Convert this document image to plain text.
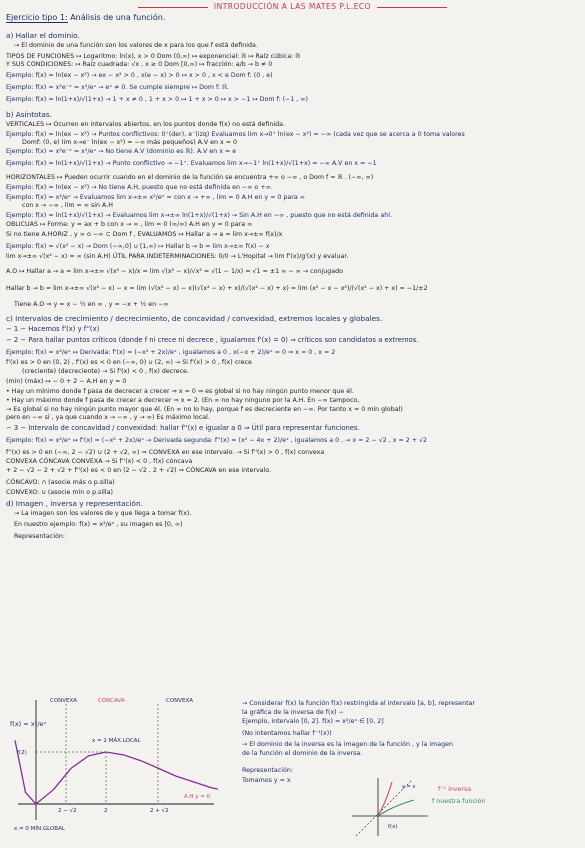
INTRODUCCIÓN A LAS MATES P.L.ECO
Ejercicio tipo 1: Análisis de una función.
a) Hallar el dominio.
→ El dominio de una función son los valores de x para los que f está definida.
TIPOS DE FUNCIONES ↦ Logaritmo: ln(x), x > 0 Dom (0,∞) ↦ exponencial: ℝ ↦ Raíz cúbica: ℝ
Y SUS CONDICIONES: ↦ Raíz cuadrada: √x , x ≥ 0 Dom [0,∞) ↦ fracción: a/b → b ≠ 0
Ejemplo: f(x) = ln(ex − x²) → ex − x² > 0 , x(e − x) > 0 ↦ x > 0 , x < e Dom f: (0 , e)
Ejemplo: f(x) = x²e⁻ˣ = x²/eˣ → eˣ ≠ 0. Se cumple siempre ↦ Dom f: ℝ.
Ejemplo: f(x) = ln(1+x)/√(1+x) → 1 + x ≠ 0 , 1 + x > 0 ↦ 1 + x > 0 ↦ x > −1 ↦ Dom f: (−1 , ∞)
b) Asíntotas.
VERTICALES ↦ Ocurren en intervalos abiertos, en los puntos donde f(x) no está definida.
Ejemplo: f(x) = ln(ex − x²) → Puntos conflictivos: 0⁺(der), e⁻(izq) Evaluamos lim x→0⁺ ln(ex − x²) = −∞ (cada vez que se acerca a 0 toma valores
Domf: (0, e) lim x→e⁻ ln(ex − x²) = −∞ más pequeños) A.V en x = 0
Ejemplo: f(x) = x²e⁻ˣ = x²/eˣ → No tiene A.V (dominio es ℝ). A.V en x = e
Ejemplo: f(x) = ln(1+x)/√(1+x) → Punto conflictivo → −1⁺. Evaluamos lim x→−1⁺ ln(1+x)/√(1+x) = −∞ A.V en x = −1
HORIZONTALES ↦ Pueden ocurrir cuando en el dominio de la función se encuentra +∞ o −∞ , o Dom f = ℝ . (−∞, ∞)
Ejemplo: f(x) = ln(ex − x²) → No tiene A.H, puesto que no está definida en −∞ o +∞.
Ejemplo: f(x) = x²/eˣ → Evaluamos lim x→±∞ x²/eˣ = con x → +∞ , lim = 0 A.H en y = 0 para ∞
con x → −∞ , lim = ∞ sin A.H
Ejemplo: f(x) = ln(1+x)/√(1+x) → Evaluamos lim x→±∞ ln(1+x)/√(1+x) → Sin A.H en −∞ , puesto que no está definida ahí.
OBLICUAS ↦ Forma: y = ax + b con x → ∞ , lim = 0 (∞/∞) A.H en y = 0 para ∞
Si no tiene A.HORIZ , y ∞ o −∞ ⊂ Dom f , EVALUAMOS ↦ Hallar a → a = lim x→±∞ f(x)/x
Ejemplo: f(x) = √(x² − x) → Dom (−∞,0] ∪ [1,∞) ↦ Hallar b → b = lim x→±∞ f(x) − x
lim x→±∞ √(x² − x) = ∞ (sin A.H) ÚTIL PARA INDETERMINACIONES: 0/0 → L'Hopital → lim f'(x)/g'(x) y evaluar.
A.O ↦ Hallar a → a = lim x→±∞ √(x² − x)/x = lim √(x² − x)/√x² = √(1 − 1/x) = √1 = ±1 ∞ − ∞ → conjugado
Hallar b → b = lim x→±∞ √(x² − x) − x = lim (√(x² − x) − x)(√(x² − x) + x)/(√(x² − x) + x) = lim (x² − x − x²)/(√(x² − x) + x) = −1/±2
Tiene A.O ⇒ y = x − ½ en ∞ , y = −x + ½ en −∞
c) Intervalos de crecimiento / decrecimiento, de concavidad / convexidad, extremos locales y globales.
− 1 − Hacemos f'(x) y f''(x)
− 2 − Para hallar puntos críticos (donde f ni crece ni decrece , igualamos f'(x) = 0) ⇒ críticos son candidatos a extremos.
Ejemplo: f(x) = x²/eˣ ↦ Derivada: f'(x) = (−x² + 2x)/eˣ , igualamos a 0 , x(−x + 2)/eˣ = 0 ⇒ x = 0 , x = 2
f'(x) es > 0 en (0, 2) , f'(x) es < 0 en (−∞, 0) ∪ (2, ∞) → Si f'(x) > 0 , f(x) crece
(creciente) (decreciente) → Si f'(x) < 0 , f(x) decrece.
(mín) (máx) ↦ − 0 + 2 − A.H en y = 0
• Hay un mínimo donde f pasa de decrecer a crecer ⇒ x = 0 ⇒ es global si no hay ningún punto menor que él.
• Hay un máximo donde f pasa de crecer a decrecer ⇒ x = 2. (En ∞ no hay ninguno por la A.H. En −∞ tampoco,
→ Es global si no hay ningún punto mayor que él. (En ∞ no lo hay, porque f es decreciente en −∞. Por tanto x = 0 mín global)
pero en −∞ sí , ya que cuando x → −∞ , y → ∞) Es máximo local.
− 3 − Intervalo de concavidad / convexidad: hallar f''(x) e igualar a 0 ⇒ Útil para representar funciones.
Ejemplo: f(x) = x²/eˣ ↦ f'(x) = (−x² + 2x)/eˣ → Derivada segunda: f''(x) = (x² − 4x + 2)/eˣ , igualamos a 0 , → x = 2 − √2 , x = 2 + √2
f''(x) es > 0 en (−∞, 2 − √2) ∪ (2 + √2, ∞) ⇒ CONVEXA en ese intervalo. → Si f''(x) > 0 , f(x) convexa
CONVEXA CÓNCAVA CONVEXA → Si f''(x) < 0 , f(x) cóncava
+ 2 − √2 − 2 + √2 + f''(x) es < 0 en (2 − √2 , 2 + √2) ⇒ CÓNCAVA en ese intervalo.
CÓNCAVO: ∩ (asocie más o p.silla)
CONVEXO: ∪ (asocie mín o p.silla)
d) Imagen , inversa y representación.
→ La imagen son los valores de y que llega a tomar f(x).
En nuestro ejemplo: f(x) = x²/eˣ , su imagen es [0, ∞)
Representación:
→ Considerar f(x) la función f(x) restringida al intervalo [a, b], representar
la gráfica de la inversa de f(x) −
Ejemplo, intervalo [0, 2]. f(x) = x²/eˣ ∈ [0, 2]
(No intentamos hallar f⁻¹(x))
→ El dominio de la inversa es la imagen de la función , y la imagen
de la función el dominio de la inversa.
Representación:
Tomamos y = x
f(x) = x²/eˣ
CONVEXA	CÓNCAVA	CONVEXA
2 − √2	2	2 + √2
x = 2 MÁX.LOCAL
x = 0 MÍN.GLOBAL
A.H y = 0
f(2)
f(x)
y = x	f⁻¹ inversa
f nuestra función
